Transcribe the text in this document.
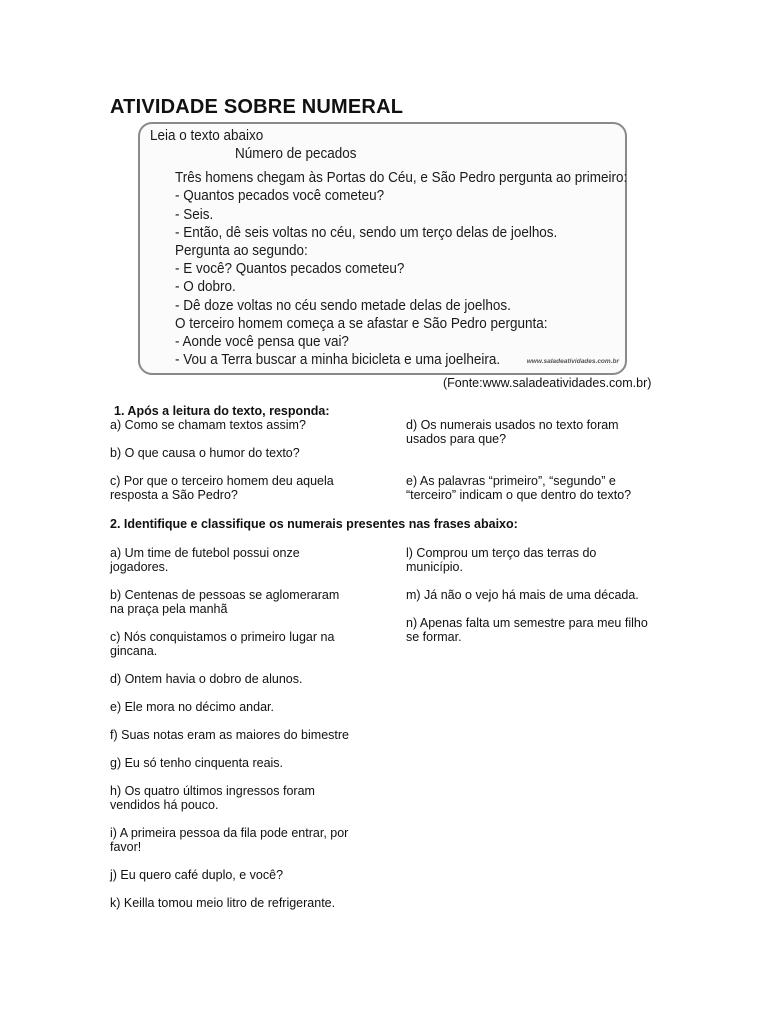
ATIVIDADE SOBRE NUMERAL
Leia o texto abaixo
Número de pecados
Três homens chegam às Portas do Céu, e São Pedro pergunta ao primeiro:
- Quantos pecados você cometeu?
- Seis.
- Então, dê seis voltas no céu, sendo um terço delas de joelhos.
Pergunta ao segundo:
- E você? Quantos pecados cometeu?
- O dobro.
- Dê doze voltas no céu sendo metade delas de joelhos.
O terceiro homem começa a se afastar e São Pedro pergunta:
- Aonde você pensa que vai?
- Vou a Terra buscar a minha bicicleta e uma joelheira.	www.saladeatividades.com.br
(Fonte:www.saladeatividades.com.br)
1. Após a leitura do texto, responda:
a) Como se chamam textos assim?
b) O que causa o humor do texto?
c) Por que o terceiro homem deu aquela
resposta a São Pedro?
d) Os numerais usados no texto foram
usados para que?
e) As palavras “primeiro”, “segundo” e
“terceiro” indicam o que dentro do texto?
2. Identifique e classifique os numerais presentes nas frases abaixo:
a) Um time de futebol possui onze
jogadores.
b) Centenas de pessoas se aglomeraram
na praça pela manhã
c) Nós conquistamos o primeiro lugar na
gincana.
d) Ontem havia o dobro de alunos.
e) Ele mora no décimo andar.
f) Suas notas eram as maiores do bimestre
g) Eu só tenho cinquenta reais.
h) Os quatro últimos ingressos foram
vendidos há pouco.
i) A primeira pessoa da fila pode entrar, por
favor!
j) Eu quero café duplo, e você?
k) Keilla tomou meio litro de refrigerante.
l) Comprou um terço das terras do
município.
m) Já não o vejo há mais de uma década.
n) Apenas falta um semestre para meu filho
se formar.
